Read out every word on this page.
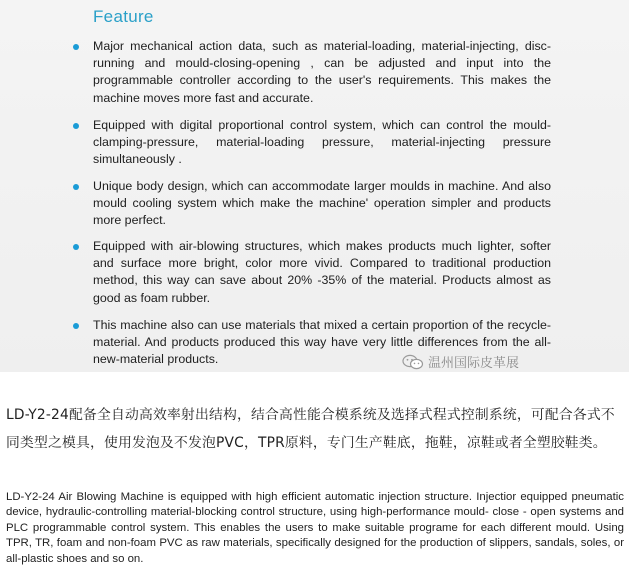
Feature
Major mechanical action data, such as material-loading, material-injecting, disc-running and mould-closing-opening , can be adjusted and input into the programmable controller according to the user's requirements. This makes the machine moves more fast and accurate.
Equipped with digital proportional control system, which can control the mould-clamping-pressure, material-loading pressure, material-injecting pressure simultaneously .
Unique body design, which can accommodate larger moulds in machine. And also mould cooling system which make the machine' operation simpler and products more perfect.
Equipped with air-blowing structures, which makes products much lighter, softer and surface more bright, color more vivid. Compared to traditional production method, this way can save about 20% -35% of the material. Products almost as good as foam rubber.
This machine also can use materials that mixed a certain proportion of the recycle-material. And products produced this way have very little differences from the all-new-material products.	温州国际皮革展
LD-Y2-24配备全自动高效率射出结构，结合高性能合模系统及选择式程式控制系统，可配合各式不同类型之模具，使用发泡及不发泡PVC，TPR原料，专门生产鞋底，拖鞋，凉鞋或者全塑胶鞋类。
LD-Y2-24 Air Blowing Machine is equipped with high efficient automatic injection structure. Injectior equipped pneumatic device, hydraulic-controlling material-blocking control structure, using high-performance mould- close - open systems and PLC programmable control system. This enables the users to make suitable programe for each different mould. Using TPR, TR, foam and non-foam PVC as raw materials, specifically designed for the production of slippers, sandals, soles, or all-plastic shoes and so on.
